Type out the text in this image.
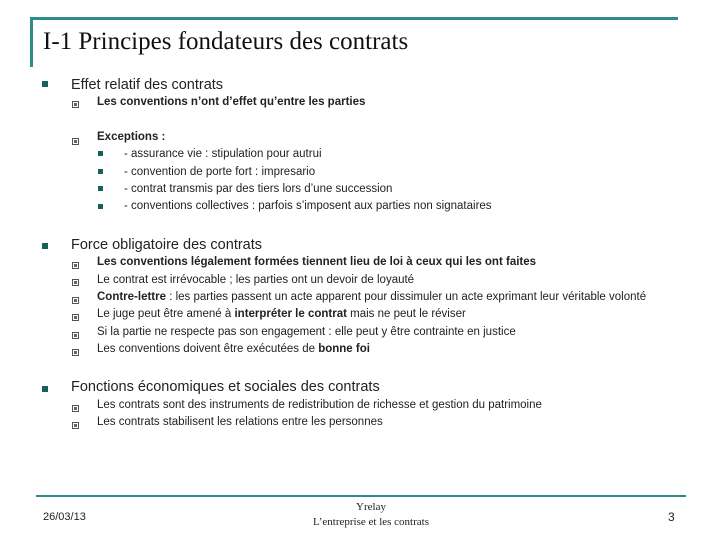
I-1 Principes fondateurs des contrats
Effet relatif des contrats
Les conventions n’ont d’effet qu’entre les parties
Exceptions :
- assurance vie : stipulation pour autrui
- convention de porte fort : impresario
- contrat transmis par des tiers lors d’une succession
- conventions collectives : parfois s’imposent aux parties non signataires
Force obligatoire des contrats
Les conventions légalement formées tiennent lieu de loi à ceux qui les ont faites
Le contrat est irrévocable ; les parties ont un devoir de loyauté
Contre-lettre : les parties passent un acte apparent pour dissimuler un acte exprimant leur véritable volonté
Le juge peut être amené à interpréter le contrat mais ne peut le réviser
Si la partie ne respecte pas son engagement : elle peut y être contrainte en justice
Les conventions doivent être exécutées de bonne foi
Fonctions économiques et sociales des contrats
Les contrats sont des instruments de redistribution de richesse et gestion du patrimoine
Les contrats stabilisent les relations entre les personnes
26/03/13
Yrelay
L’entreprise et les contrats	3
